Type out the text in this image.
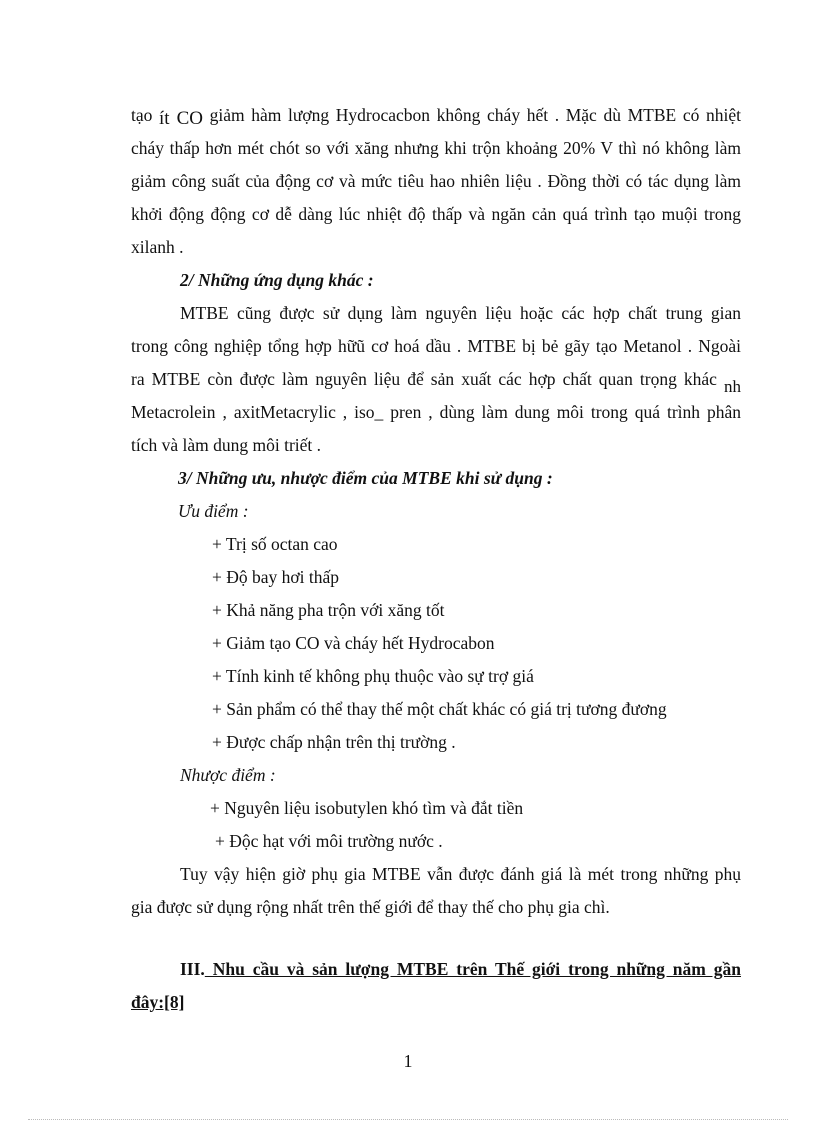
tạo ít CO giảm hàm lượng Hydrocacbon không cháy hết . Mặc dù MTBE có nhiệt
cháy thấp hơn mét chót so với xăng nhưng khi trộn khoảng 20% V thì nó không làm
giảm công suất của động cơ và mức tiêu hao nhiên liệu . Đồng thời có tác dụng làm
khởi động động cơ dễ dàng lúc nhiệt độ thấp và ngăn cản quá trình tạo muội trong
xilanh .
2/ Những ứng dụng khác :
MTBE cũng được sử dụng làm nguyên liệu hoặc các hợp chất trung gian
trong công nghiệp tổng hợp hữũ cơ hoá dầu . MTBE bị bẻ gãy tạo Metanol . Ngoài
ra MTBE còn được làm nguyên liệu để sản xuất các hợp chất quan trọng khác nh
Metacrolein , axitMetacrylic , iso_ pren , dùng làm dung môi trong quá trình phân
tích và làm dung môi triết .
3/ Những ưu, nhược điểm của MTBE khi sử dụng :
Ưu điểm :
+ Trị số octan cao
+ Độ bay hơi thấp
+ Khả năng pha trộn với xăng tốt
+ Giảm tạo CO và cháy hết Hydrocabon
+ Tính kinh tế không phụ thuộc vào sự trợ giá
+ Sản phẩm có thể thay thế một chất khác có giá trị tương đương
+ Được chấp nhận trên thị trường .
Nhược điểm :
+ Nguyên liệu isobutylen khó tìm và đắt tiền
+ Độc hạt với môi trường nước .
Tuy vậy hiện giờ phụ gia MTBE vẫn được đánh giá là mét trong những phụ
gia được sử dụng rộng nhất trên thế giới để thay thế cho phụ gia chì.
III. Nhu cầu và sản lượng MTBE trên Thế giới trong những năm gần
đây:[8]
1
